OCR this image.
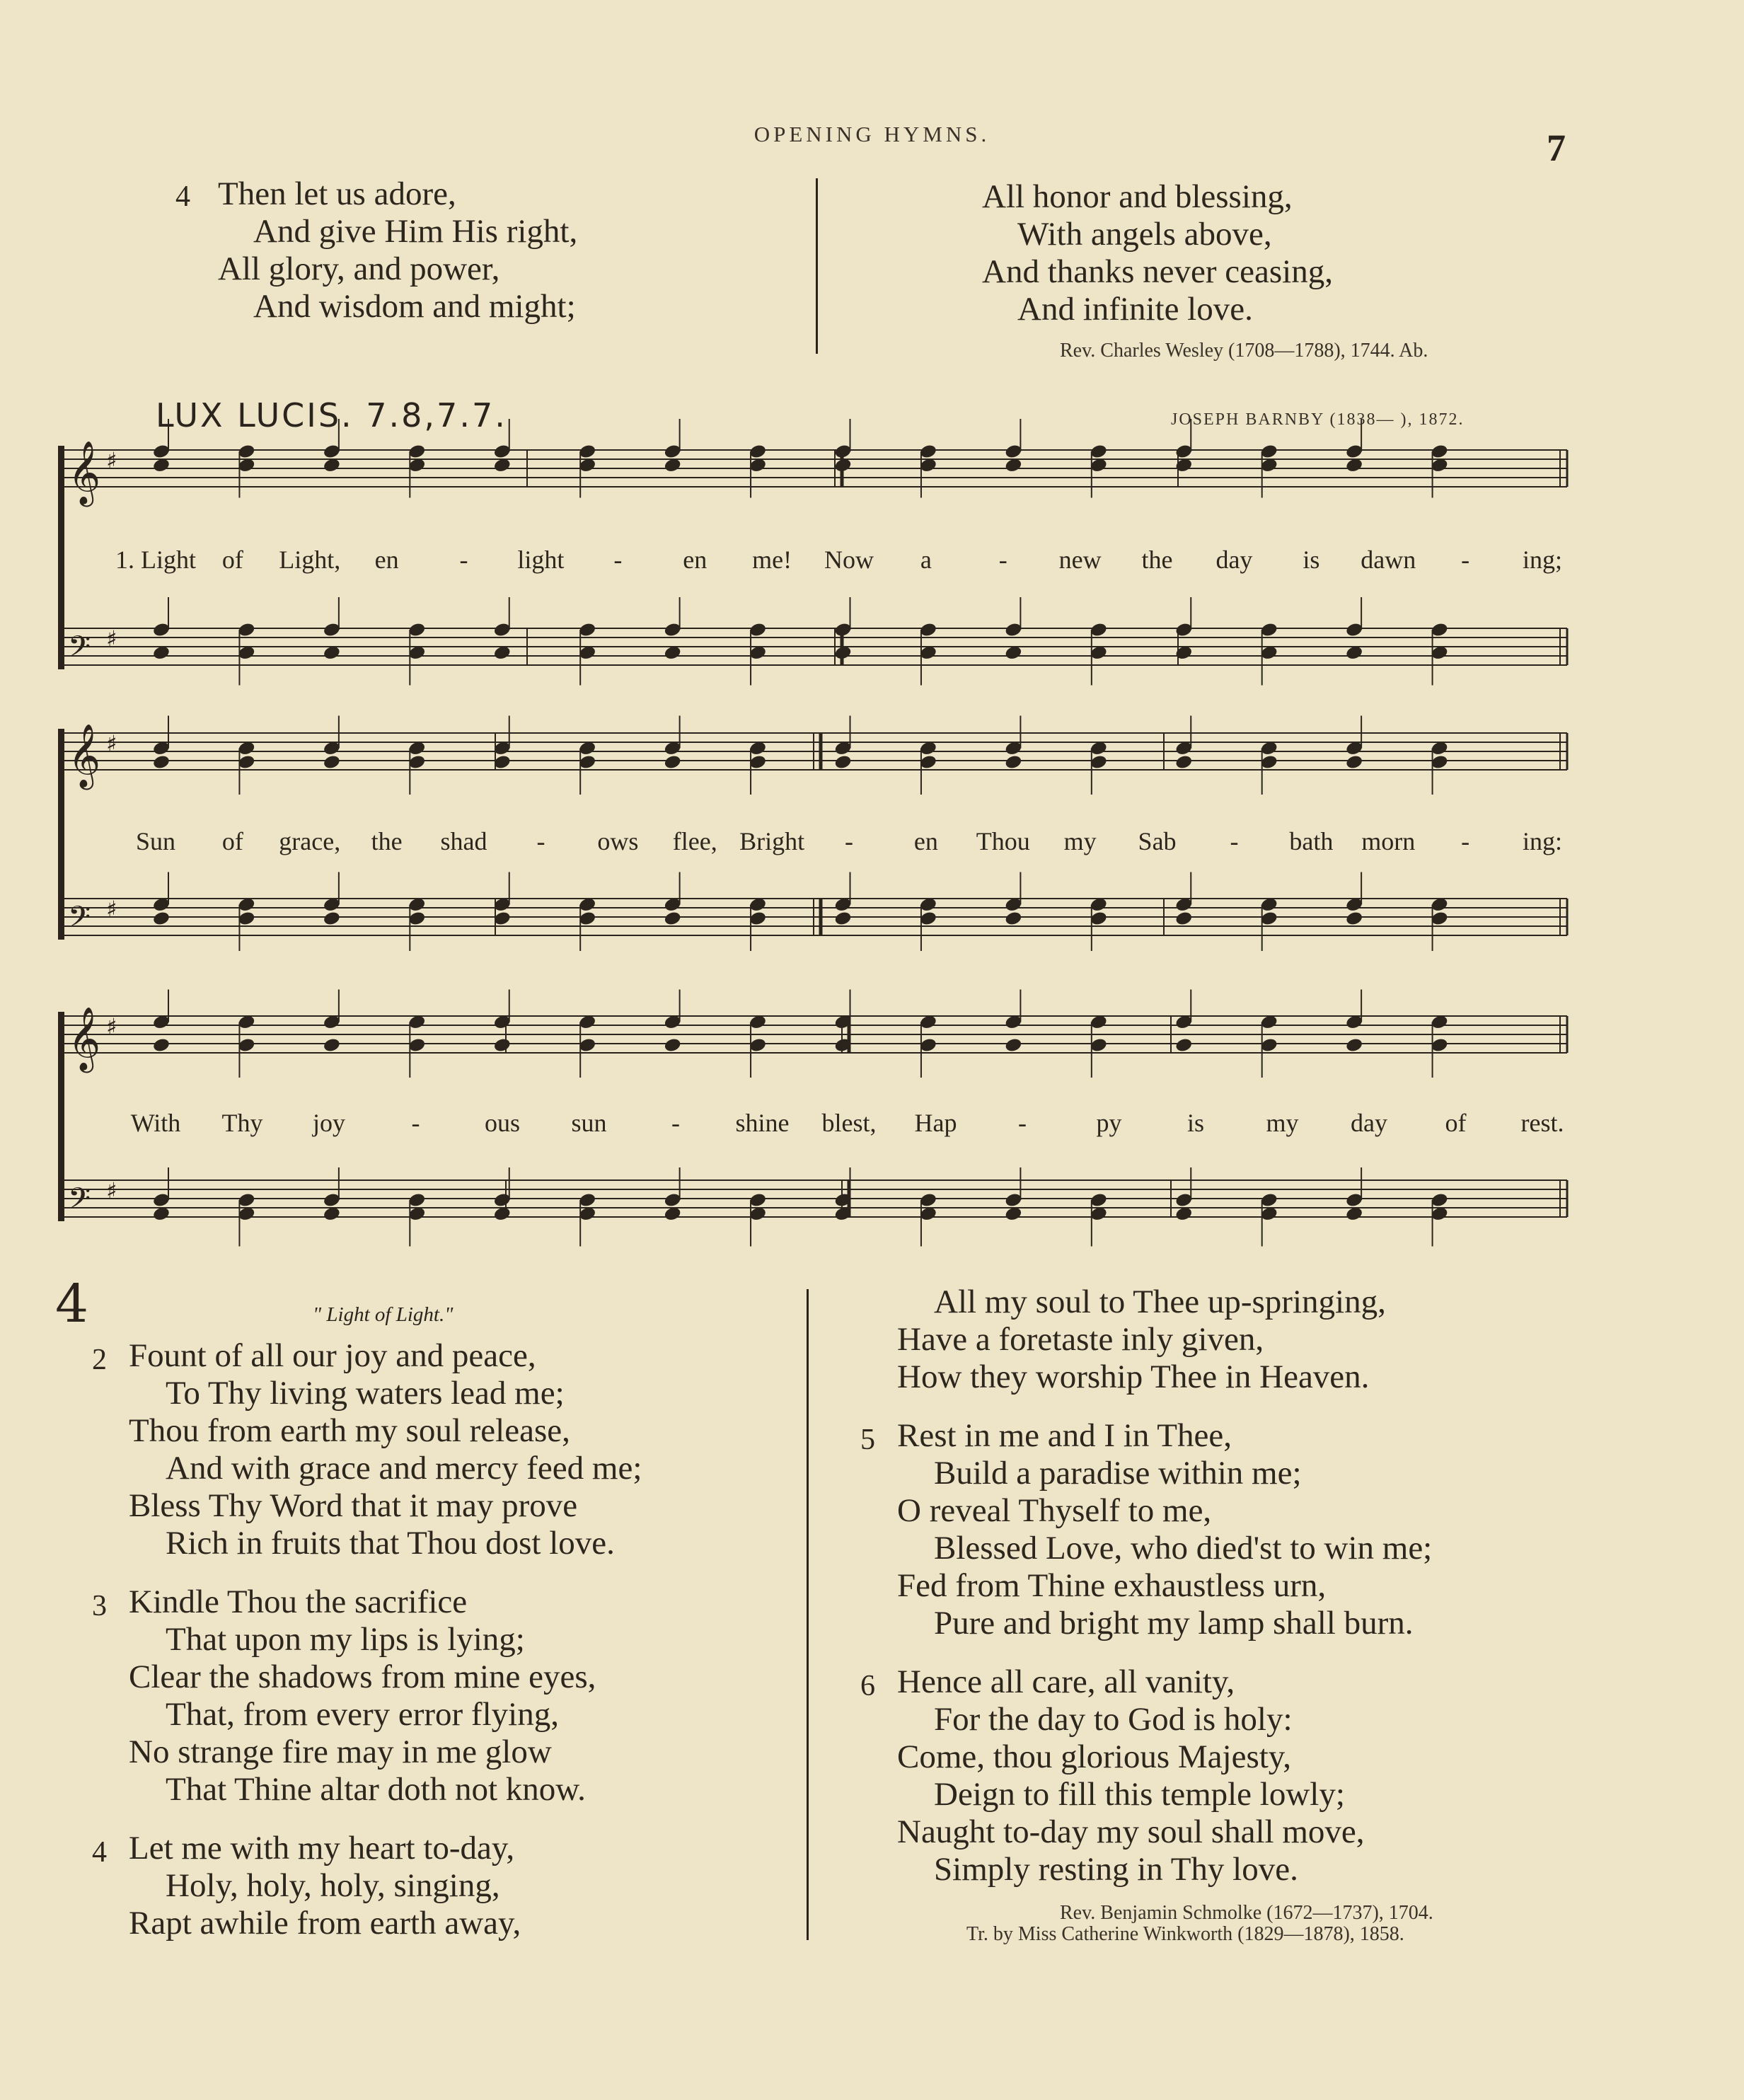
OPENING HYMNS.	7
4 Then let us adore,
And give Him His right,
All glory, and power,
And wisdom and might;
All honor and blessing,
With angels above,
And thanks never ceasing,
And infinite love.
Rev. Charles Wesley (1708—1788), 1744. Ab.
LUX LUCIS. 7.8,7.7.	JOSEPH BARNBY (1838— ), 1872.
𝄞 ♯
𝄢 ♯
𝄞 ♯
𝄢 ♯
𝄞 ♯
𝄢 ♯
1. Light of Light, en - light - en me! Now a	- new the day is dawn - ing;
Sun of grace, the shad - ows flee, Bright - en Thou my Sab - bath morn - ing:
With Thy joy	-	ous sun	- shine blest, Hap -	py	is my day of rest.
4	" Light of Light."
2 Fount of all our joy and peace,
To Thy living waters lead me;
Thou from earth my soul release,
And with grace and mercy feed me;
Bless Thy Word that it may prove
Rich in fruits that Thou dost love.
3 Kindle Thou the sacrifice
That upon my lips is lying;
Clear the shadows from mine eyes,
That, from every error flying,
No strange fire may in me glow
That Thine altar doth not know.
4 Let me with my heart to-day,
Holy, holy, holy, singing,
Rapt awhile from earth away,
All my soul to Thee up-springing,
Have a foretaste inly given,
How they worship Thee in Heaven.
5 Rest in me and I in Thee,
Build a paradise within me;
O reveal Thyself to me,
Blessed Love, who died'st to win me;
Fed from Thine exhaustless urn,
Pure and bright my lamp shall burn.
6 Hence all care, all vanity,
For the day to God is holy:
Come, thou glorious Majesty,
Deign to fill this temple lowly;
Naught to-day my soul shall move,
Simply resting in Thy love.
Rev. Benjamin Schmolke (1672—1737), 1704.
Tr. by Miss Catherine Winkworth (1829—1878), 1858.
